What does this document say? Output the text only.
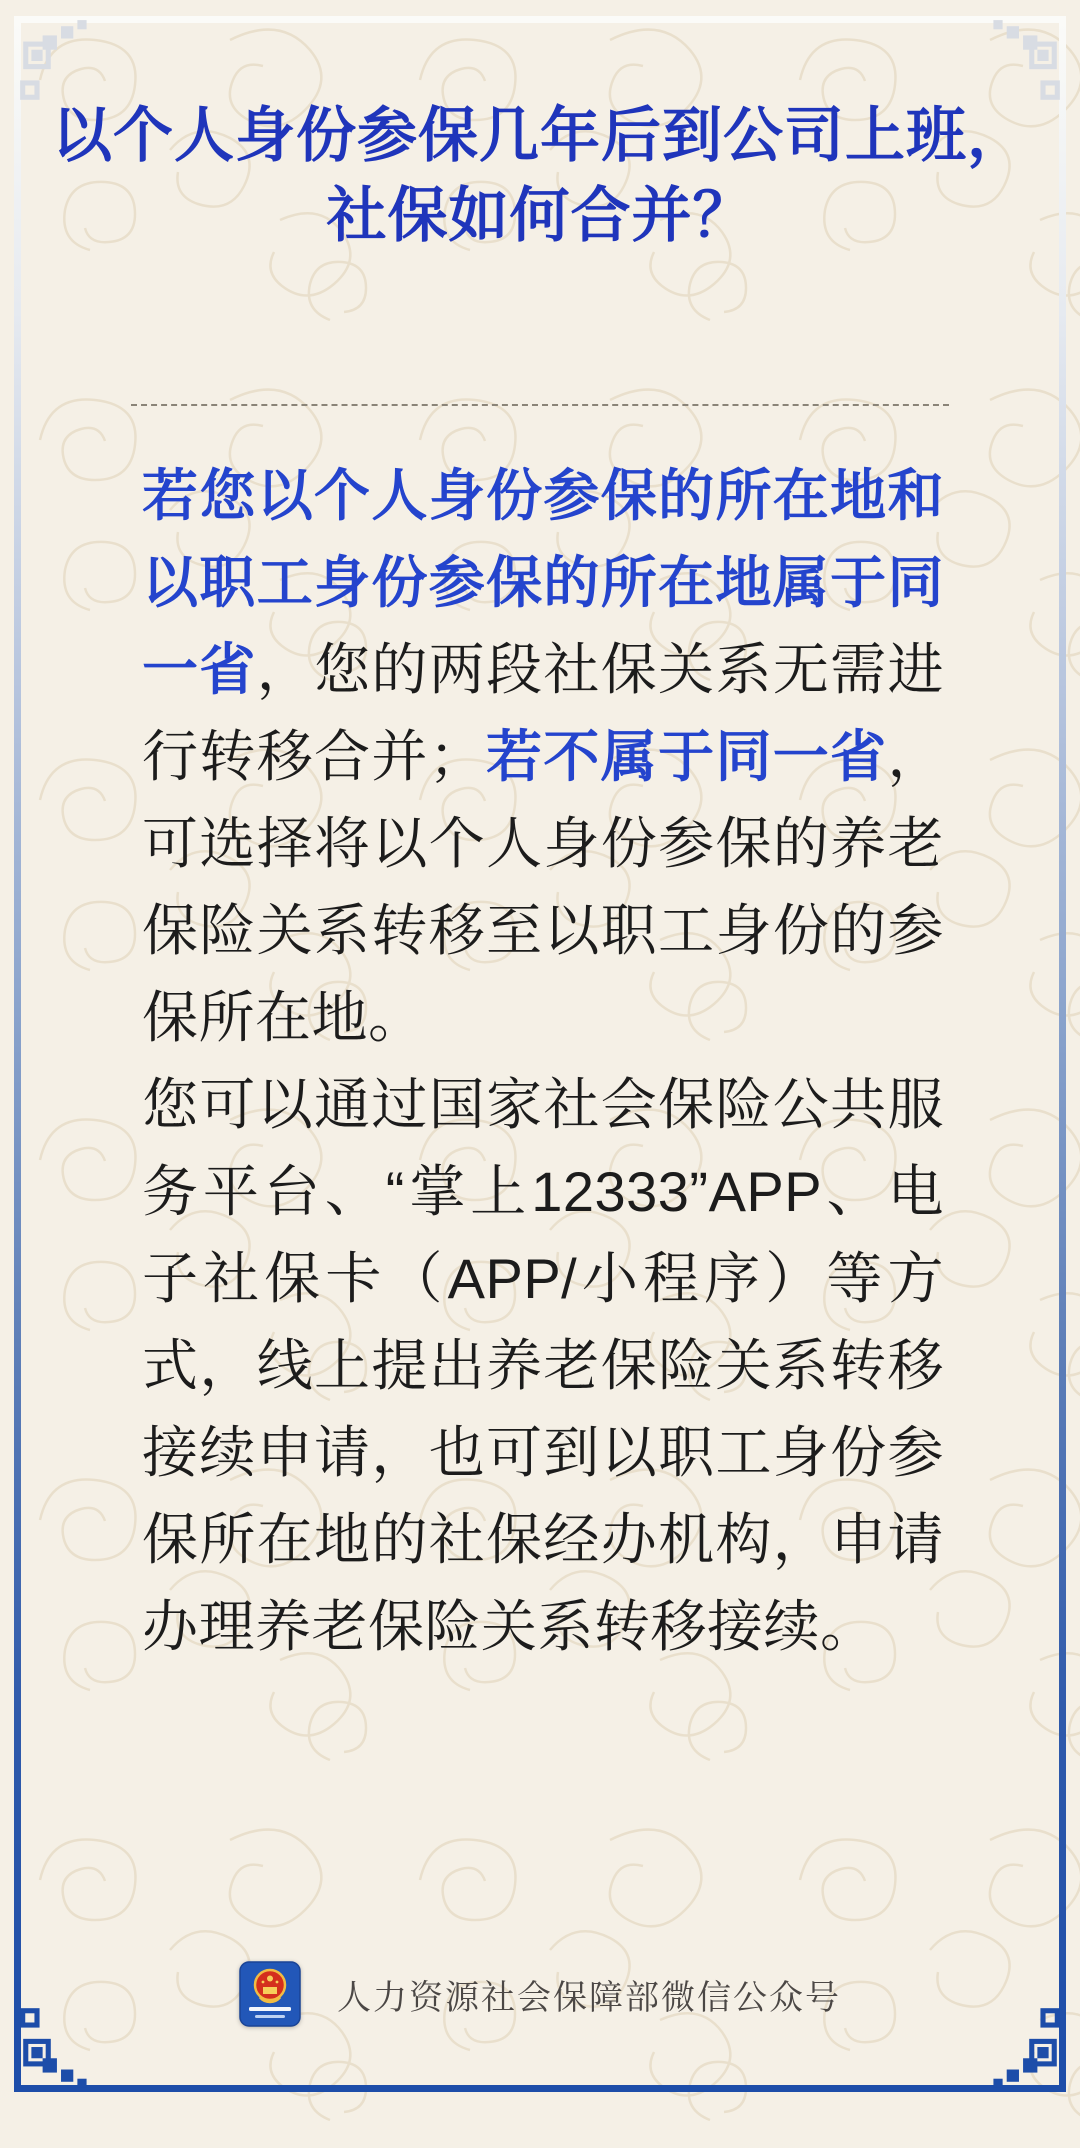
以个人身份参保几年后到公司上班，
社保如何合并？

若您以个人身份参保的所在地和以职工身份参保的所在地属于同一省，您的两段社保关系无需进行转移合并；若不属于同一省，可选择将以个人身份参保的养老保险关系转移至以职工身份的参保所在地。

您可以通过国家社会保险公共服务平台、“掌上12333”APP、电子社保卡（APP/小程序）等方式，线上提出养老保险关系转移接续申请，也可到以职工身份参保所在地的社保经办机构，申请办理养老保险关系转移接续。

人力资源社会保障部微信公众号
